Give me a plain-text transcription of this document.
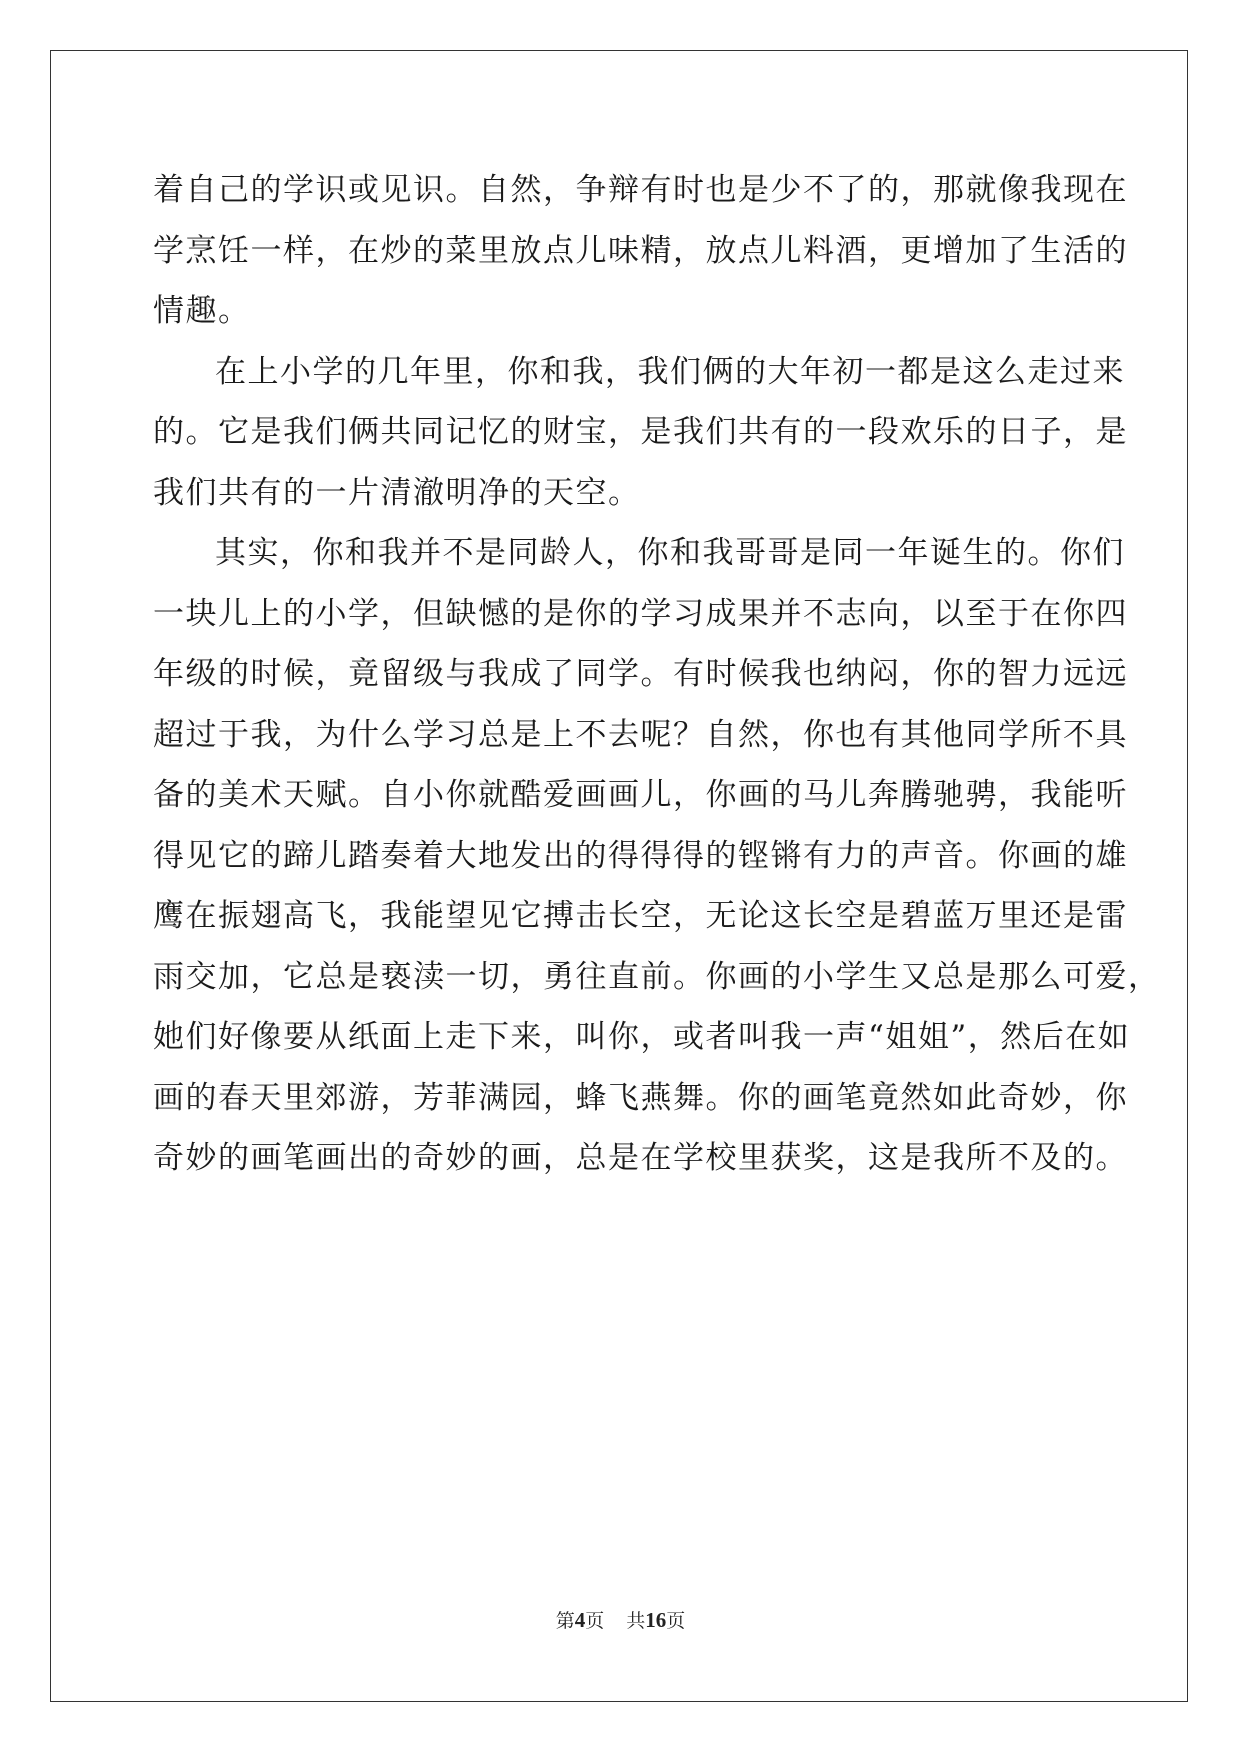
着自己的学识或见识。自然，争辩有时也是少不了的，那就像我现在
学烹饪一样，在炒的菜里放点儿味精，放点儿料酒，更增加了生活的
情趣。
在上小学的几年里，你和我，我们俩的大年初一都是这么走过来
的。它是我们俩共同记忆的财宝，是我们共有的一段欢乐的日子，是
我们共有的一片清澈明净的天空。
其实，你和我并不是同龄人，你和我哥哥是同一年诞生的。你们
一块儿上的小学，但缺憾的是你的学习成果并不志向，以至于在你四
年级的时候，竟留级与我成了同学。有时候我也纳闷，你的智力远远
超过于我，为什么学习总是上不去呢？自然，你也有其他同学所不具
备的美术天赋。自小你就酷爱画画儿，你画的马儿奔腾驰骋，我能听
得见它的蹄儿踏奏着大地发出的得得得的铿锵有力的声音。你画的雄
鹰在振翅高飞，我能望见它搏击长空，无论这长空是碧蓝万里还是雷
雨交加，它总是亵渎一切，勇往直前。你画的小学生又总是那么可爱，
她们好像要从纸面上走下来，叫你，或者叫我一声“姐姐”，然后在如
画的春天里郊游，芳菲满园，蜂飞燕舞。你的画笔竟然如此奇妙，你
奇妙的画笔画出的奇妙的画，总是在学校里获奖，这是我所不及的。
第4页 共16页
